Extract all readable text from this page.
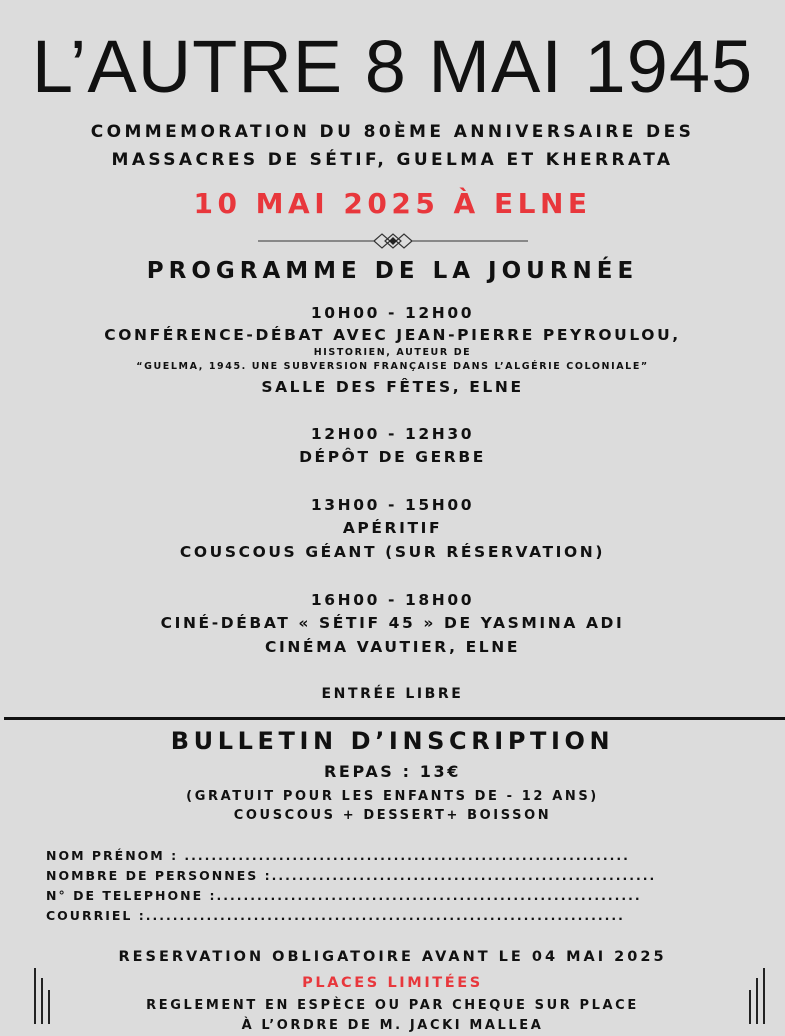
L’AUTRE 8 MAI 1945
COMMEMORATION DU 80ÈME ANNIVERSAIRE DES
MASSACRES DE SÉTIF, GUELMA ET KHERRATA
10 MAI 2025 À ELNE
PROGRAMME DE LA JOURNÉE
10H00 - 12H00
CONFÉRENCE-DÉBAT AVEC JEAN-PIERRE PEYROULOU,
HISTORIEN, AUTEUR DE
“GUELMA, 1945. UNE SUBVERSION FRANÇAISE DANS L’ALGÉRIE COLONIALE”
SALLE DES FÊTES, ELNE
12H00 - 12H30
DÉPÔT DE GERBE
13H00 - 15H00
APÉRITIF
COUSCOUS GÉANT (SUR RÉSERVATION)
16H00 - 18H00
CINÉ-DÉBAT « SÉTIF 45 » DE YASMINA ADI
CINÉMA VAUTIER, ELNE
ENTRÉE LIBRE
BULLETIN D’INSCRIPTION
REPAS : 13€
(GRATUIT POUR LES ENFANTS DE - 12 ANS)
COUSCOUS + DESSERT+ BOISSON
NOM PRÉNOM : ..................................................................
NOMBRE DE PERSONNES :.........................................................
N° DE TELEPHONE :...............................................................
COURRIEL :.......................................................................
RESERVATION OBLIGATOIRE AVANT LE 04 MAI 2025
PLACES LIMITÉES
REGLEMENT EN ESPÈCE OU PAR CHEQUE SUR PLACE
À L’ORDRE DE M. JACKI MALLEA
